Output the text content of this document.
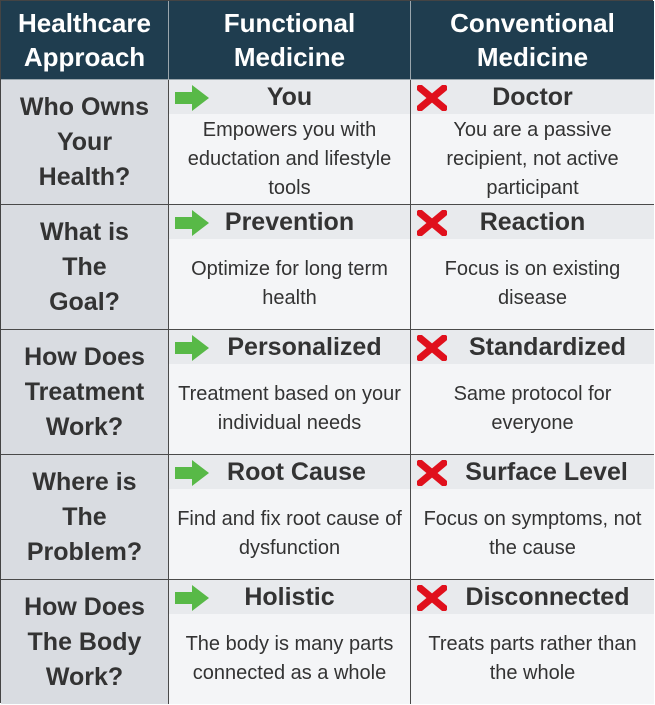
Healthcare
Approach
Functional
Medicine
Conventional
Medicine
Who Owns
Your
Health?
You
Empowers you with eductation and lifestyle tools
Doctor
You are a passive recipient, not active participant
What is
The
Goal?
Prevention
Optimize for long term health
Reaction
Focus is on existing disease
How Does
Treatment
Work?
Personalized
Treatment based on your individual needs
Standardized
Same protocol for everyone
Where is
The
Problem?
Root Cause
Find and fix root cause of dysfunction
Surface Level
Focus on symptoms, not the cause
How Does
The Body
Work?
Holistic
The body is many parts connected as a whole
Disconnected
Treats parts rather than the whole
